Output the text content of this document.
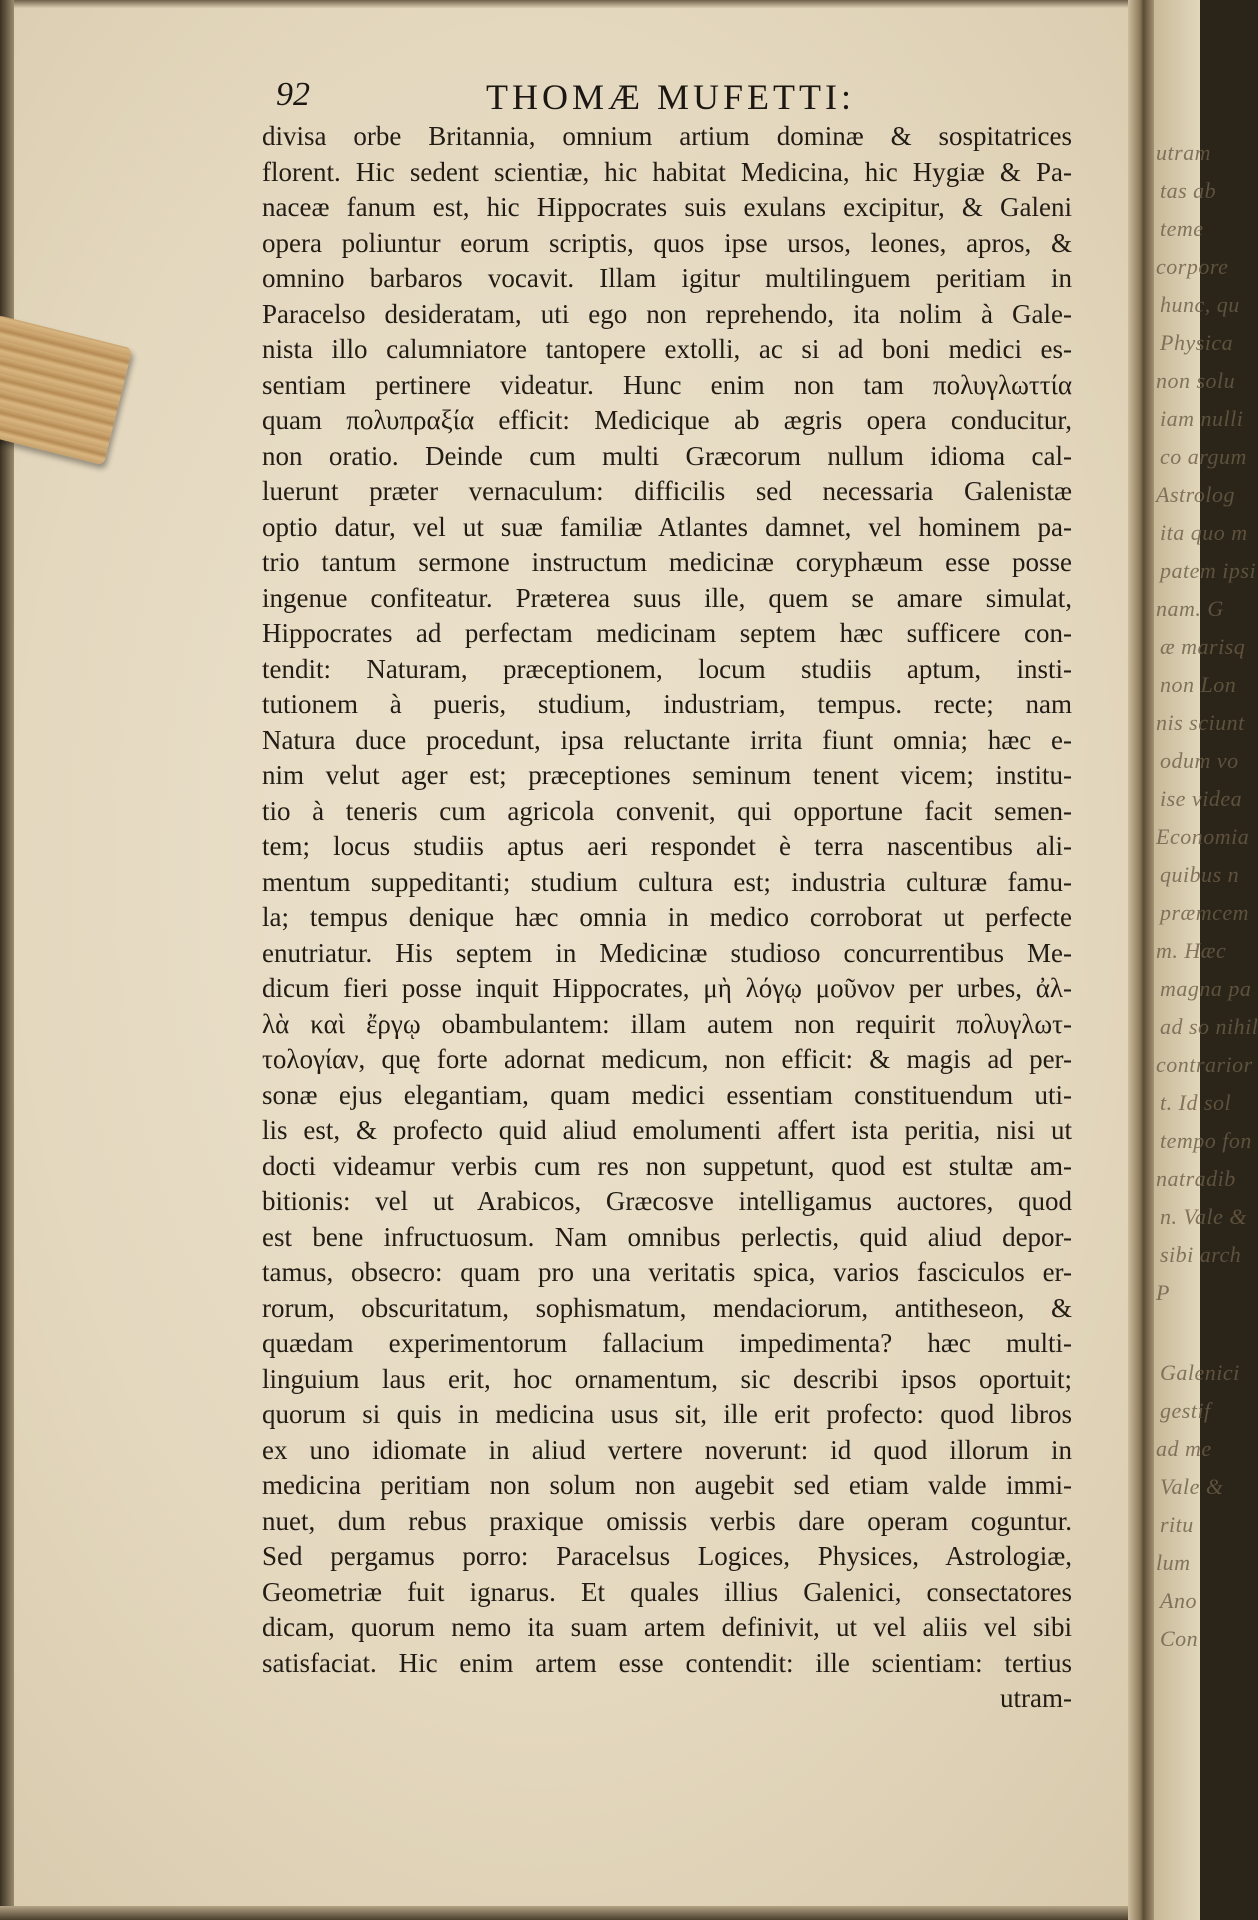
92	THOMÆ MUFETTI:
divisa orbe Britannia, omnium artium dominæ & sospitatrices
florent. Hic sedent scientiæ, hic habitat Medicina, hic Hygiæ & Pa-
naceæ fanum est, hic Hippocrates suis exulans excipitur, & Galeni
opera poliuntur eorum scriptis, quos ipse ursos, leones, apros, &
omnino barbaros vocavit. Illam igitur multilinguem peritiam in
Paracelso desideratam, uti ego non reprehendo, ita nolim à Gale-
nista illo calumniatore tantopere extolli, ac si ad boni medici es-
sentiam pertinere videatur. Hunc enim non tam πολυγλωττία
quam πολυπραξία efficit: Medicique ab ægris opera conducitur,
non oratio. Deinde cum multi Græcorum nullum idioma cal-
luerunt præter vernaculum: difficilis sed necessaria Galenistæ
optio datur, vel ut suæ familiæ Atlantes damnet, vel hominem pa-
trio tantum sermone instructum medicinæ coryphæum esse posse
ingenue confiteatur. Præterea suus ille, quem se amare simulat,
Hippocrates ad perfectam medicinam septem hæc sufficere con-
tendit: Naturam, præceptionem, locum studiis aptum, insti-
tutionem à pueris, studium, industriam, tempus. recte; nam
Natura duce procedunt, ipsa reluctante irrita fiunt omnia; hæc e-
nim velut ager est; præceptiones seminum tenent vicem; institu-
tio à teneris cum agricola convenit, qui opportune facit semen-
tem; locus studiis aptus aeri respondet è terra nascentibus ali-
mentum suppeditanti; studium cultura est; industria culturæ famu-
la; tempus denique hæc omnia in medico corroborat ut perfecte
enutriatur. His septem in Medicinæ studioso concurrentibus Me-
dicum fieri posse inquit Hippocrates, μὴ λόγῳ μοῦνον per urbes, ἀλ-
λὰ καὶ ἔργῳ obambulantem: illam autem non requirit πολυγλωτ-
τολογίαν, quę forte adornat medicum, non efficit: & magis ad per-
sonæ ejus elegantiam, quam medici essentiam constituendum uti-
lis est, & profecto quid aliud emolumenti affert ista peritia, nisi ut
docti videamur verbis cum res non suppetunt, quod est stultæ am-
bitionis: vel ut Arabicos, Græcosve intelligamus auctores, quod
est bene infructuosum. Nam omnibus perlectis, quid aliud depor-
tamus, obsecro: quam pro una veritatis spica, varios fasciculos er-
rorum, obscuritatum, sophismatum, mendaciorum, antitheseon, &
quædam experimentorum fallacium impedimenta? hæc multi-
linguium laus erit, hoc ornamentum, sic describi ipsos oportuit;
quorum si quis in medicina usus sit, ille erit profecto: quod libros
ex uno idiomate in aliud vertere noverunt: id quod illorum in
medicina peritiam non solum non augebit sed etiam valde immi-
nuet, dum rebus praxique omissis verbis dare operam coguntur.
Sed pergamus porro: Paracelsus Logices, Physices, Astrologiæ,
Geometriæ fuit ignarus. Et quales illius Galenici, consectatores
dicam, quorum nemo ita suam artem definivit, ut vel aliis vel sibi
satisfaciat. Hic enim artem esse contendit: ille scientiam: tertius
utram-
utram
tas ab
teme
corpore
hunc, qu
Physica
non solu
iam nulli
co argum
Astrolog
ita quo m
patem ipsi
nam. G
æ marisq
non Lon
nis sciunt
odum vo
ise videa
Economia
quibus n
præmcem
m. Hæc
magna pa
ad so nihil
contrarior
t. Id sol
tempo fon
natradib
n. Vale &
sibi arch
P
Galenici
gestif
ad me
Vale &
ritu
lum
Ano
Con
